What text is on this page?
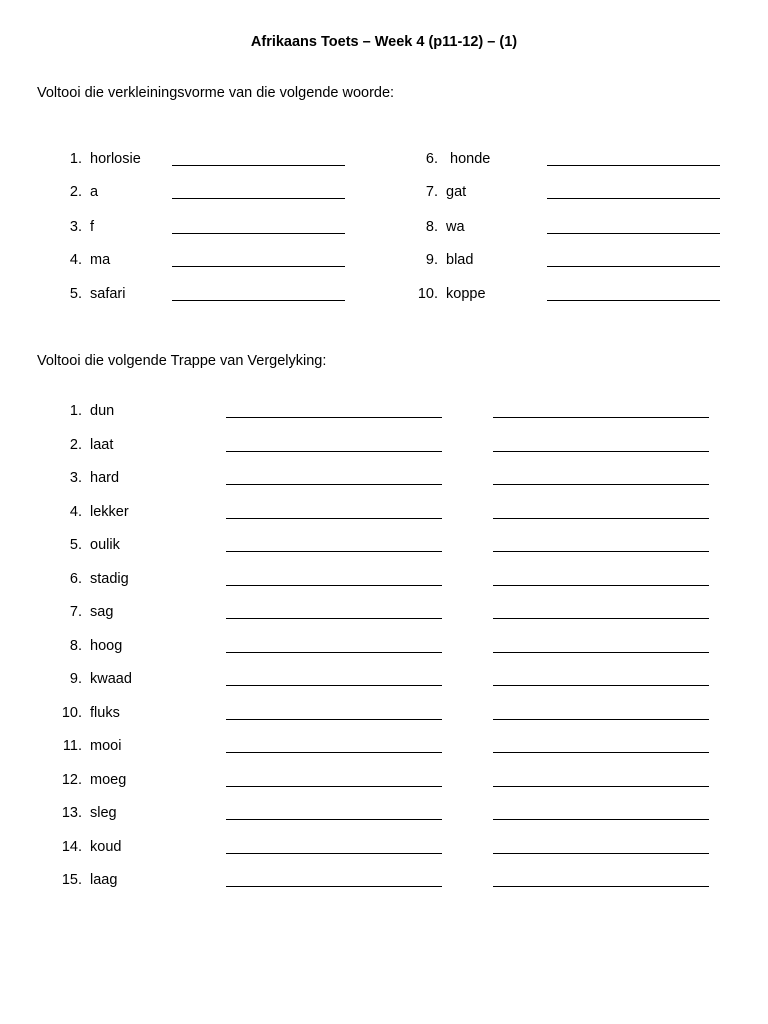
Afrikaans Toets – Week 4 (p11-12) – (1)
Voltooi die verkleiningsvorme van die volgende woorde:
1. horlosie	6. honde
2. a	7. gat
3. f	8. wa
4. ma	9. blad
5. safari	10. koppe
Voltooi die volgende Trappe van Vergelyking:
1. dun
2. laat
3. hard
4. lekker
5. oulik
6. stadig
7. sag
8. hoog
9. kwaad
10. fluks
11. mooi
12. moeg
13. sleg
14. koud
15. laag
